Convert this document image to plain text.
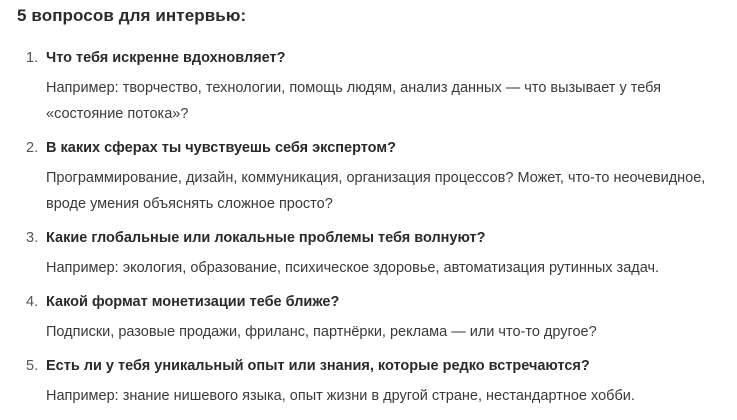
5 вопросов для интервью:
1. Что тебя искренне вдохновляет?
Например: творчество, технологии, помощь людям, анализ данных — что вызывает у тебя «состояние потока»?
2. В каких сферах ты чувствуешь себя экспертом?
Программирование, дизайн, коммуникация, организация процессов? Может, что-то неочевидное, вроде умения объяснять сложное просто?
3. Какие глобальные или локальные проблемы тебя волнуют?
Например: экология, образование, психическое здоровье, автоматизация рутинных задач.
4. Какой формат монетизации тебе ближе?
Подписки, разовые продажи, фриланс, партнёрки, реклама — или что-то другое?
5. Есть ли у тебя уникальный опыт или знания, которые редко встречаются?
Например: знание нишевого языка, опыт жизни в другой стране, нестандартное хобби.
